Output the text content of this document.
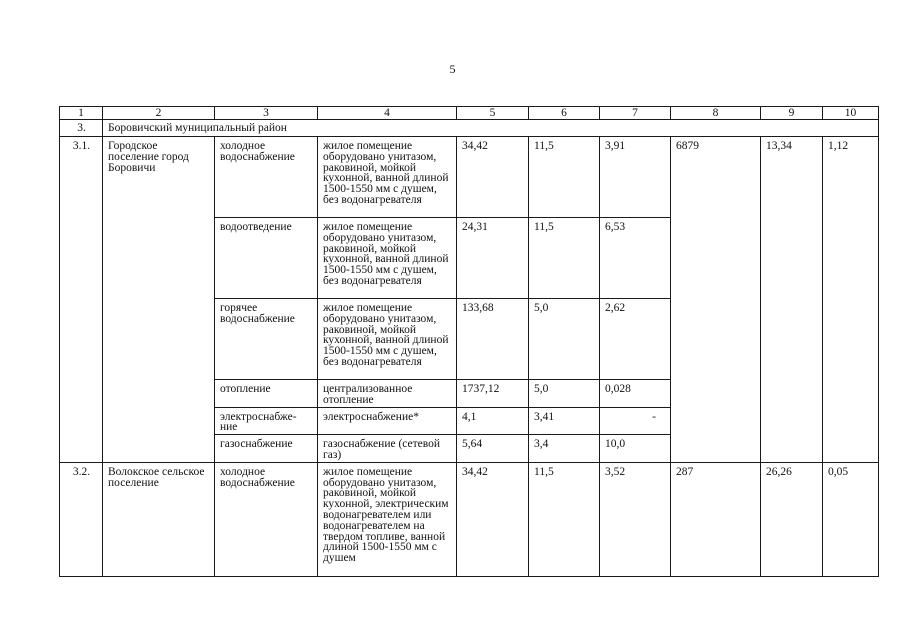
5
1	2	3	4	5	6	7	8	9	10
3.	Боровичский муниципальный район								
3.1.	Городское поселение город Боровичи	холодное водоснабжение	жилое помещение оборудовано унитазом, раковиной, мойкой кухонной, ванной длиной 1500-1550 мм с душем, без водонагревателя	34,42	11,5	3,91	6879	13,34	1,12
		водоотведение	жилое помещение оборудовано унитазом, раковиной, мойкой кухонной, ванной длиной 1500-1550 мм с душем, без водонагревателя	24,31	11,5	6,53			
		горячее водоснабжение	жилое помещение оборудовано унитазом, раковиной, мойкой кухонной, ванной длиной 1500-1550 мм с душем, без водонагревателя	133,68	5,0	2,62			
		отопление	централизованное отопление	1737,12	5,0	0,028			
		электроснабже-ние	электроснабжение*	4,1	3,41	-			

		газоснабжение	газоснабжение (сетевой газ)	5,64	3,4	10,0			
3.2.	Волокское сельское поселение	холодное водоснабжение	жилое помещение оборудовано унитазом, раковиной, мойкой кухонной, электрическим водонагревателем или водонагревателем на твердом топливе, ванной длиной 1500-1550 мм с душем	34,42	11,5	3,52	287	26,26	0,05
